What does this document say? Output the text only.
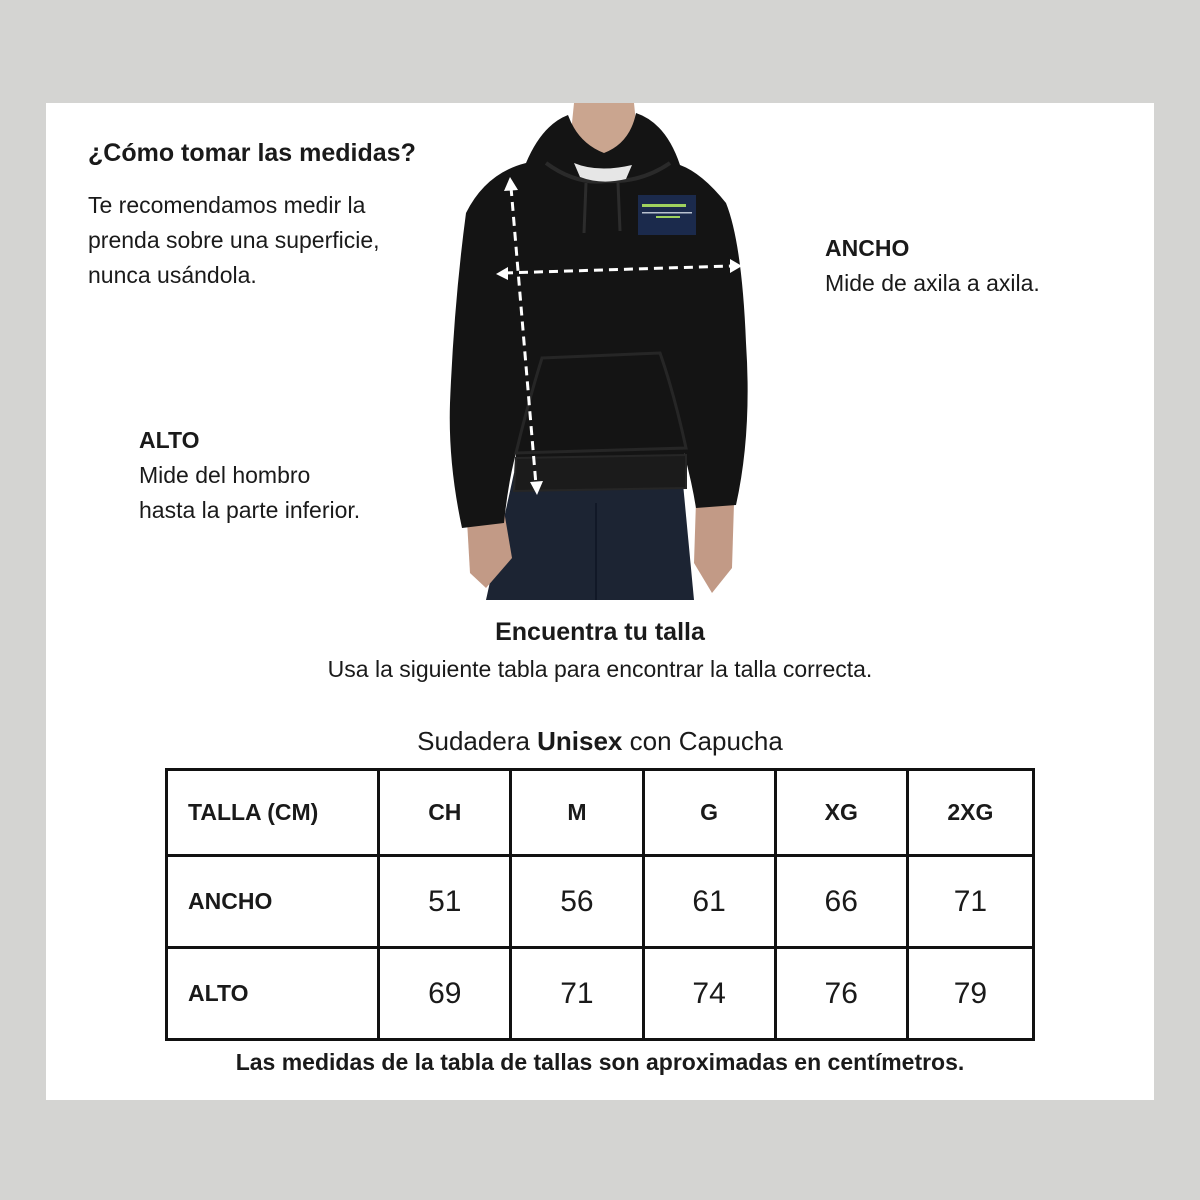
¿Cómo tomar las medidas?

Te recomendamos medir la
prenda sobre una superficie,
nunca usándola.

ANCHO
Mide de axila a axila.
ALTO
Mide del hombro
hasta la parte inferior.
Encuentra tu talla
Usa la siguiente tabla para encontrar la talla correcta.
Sudadera Unisex con Capucha
TALLA (CM)	CH	M	G	XG	2XG
ANCHO	51	56	61	66	71
ALTO	69	71	74	76	79
Las medidas de la tabla de tallas son aproximadas en centímetros.
